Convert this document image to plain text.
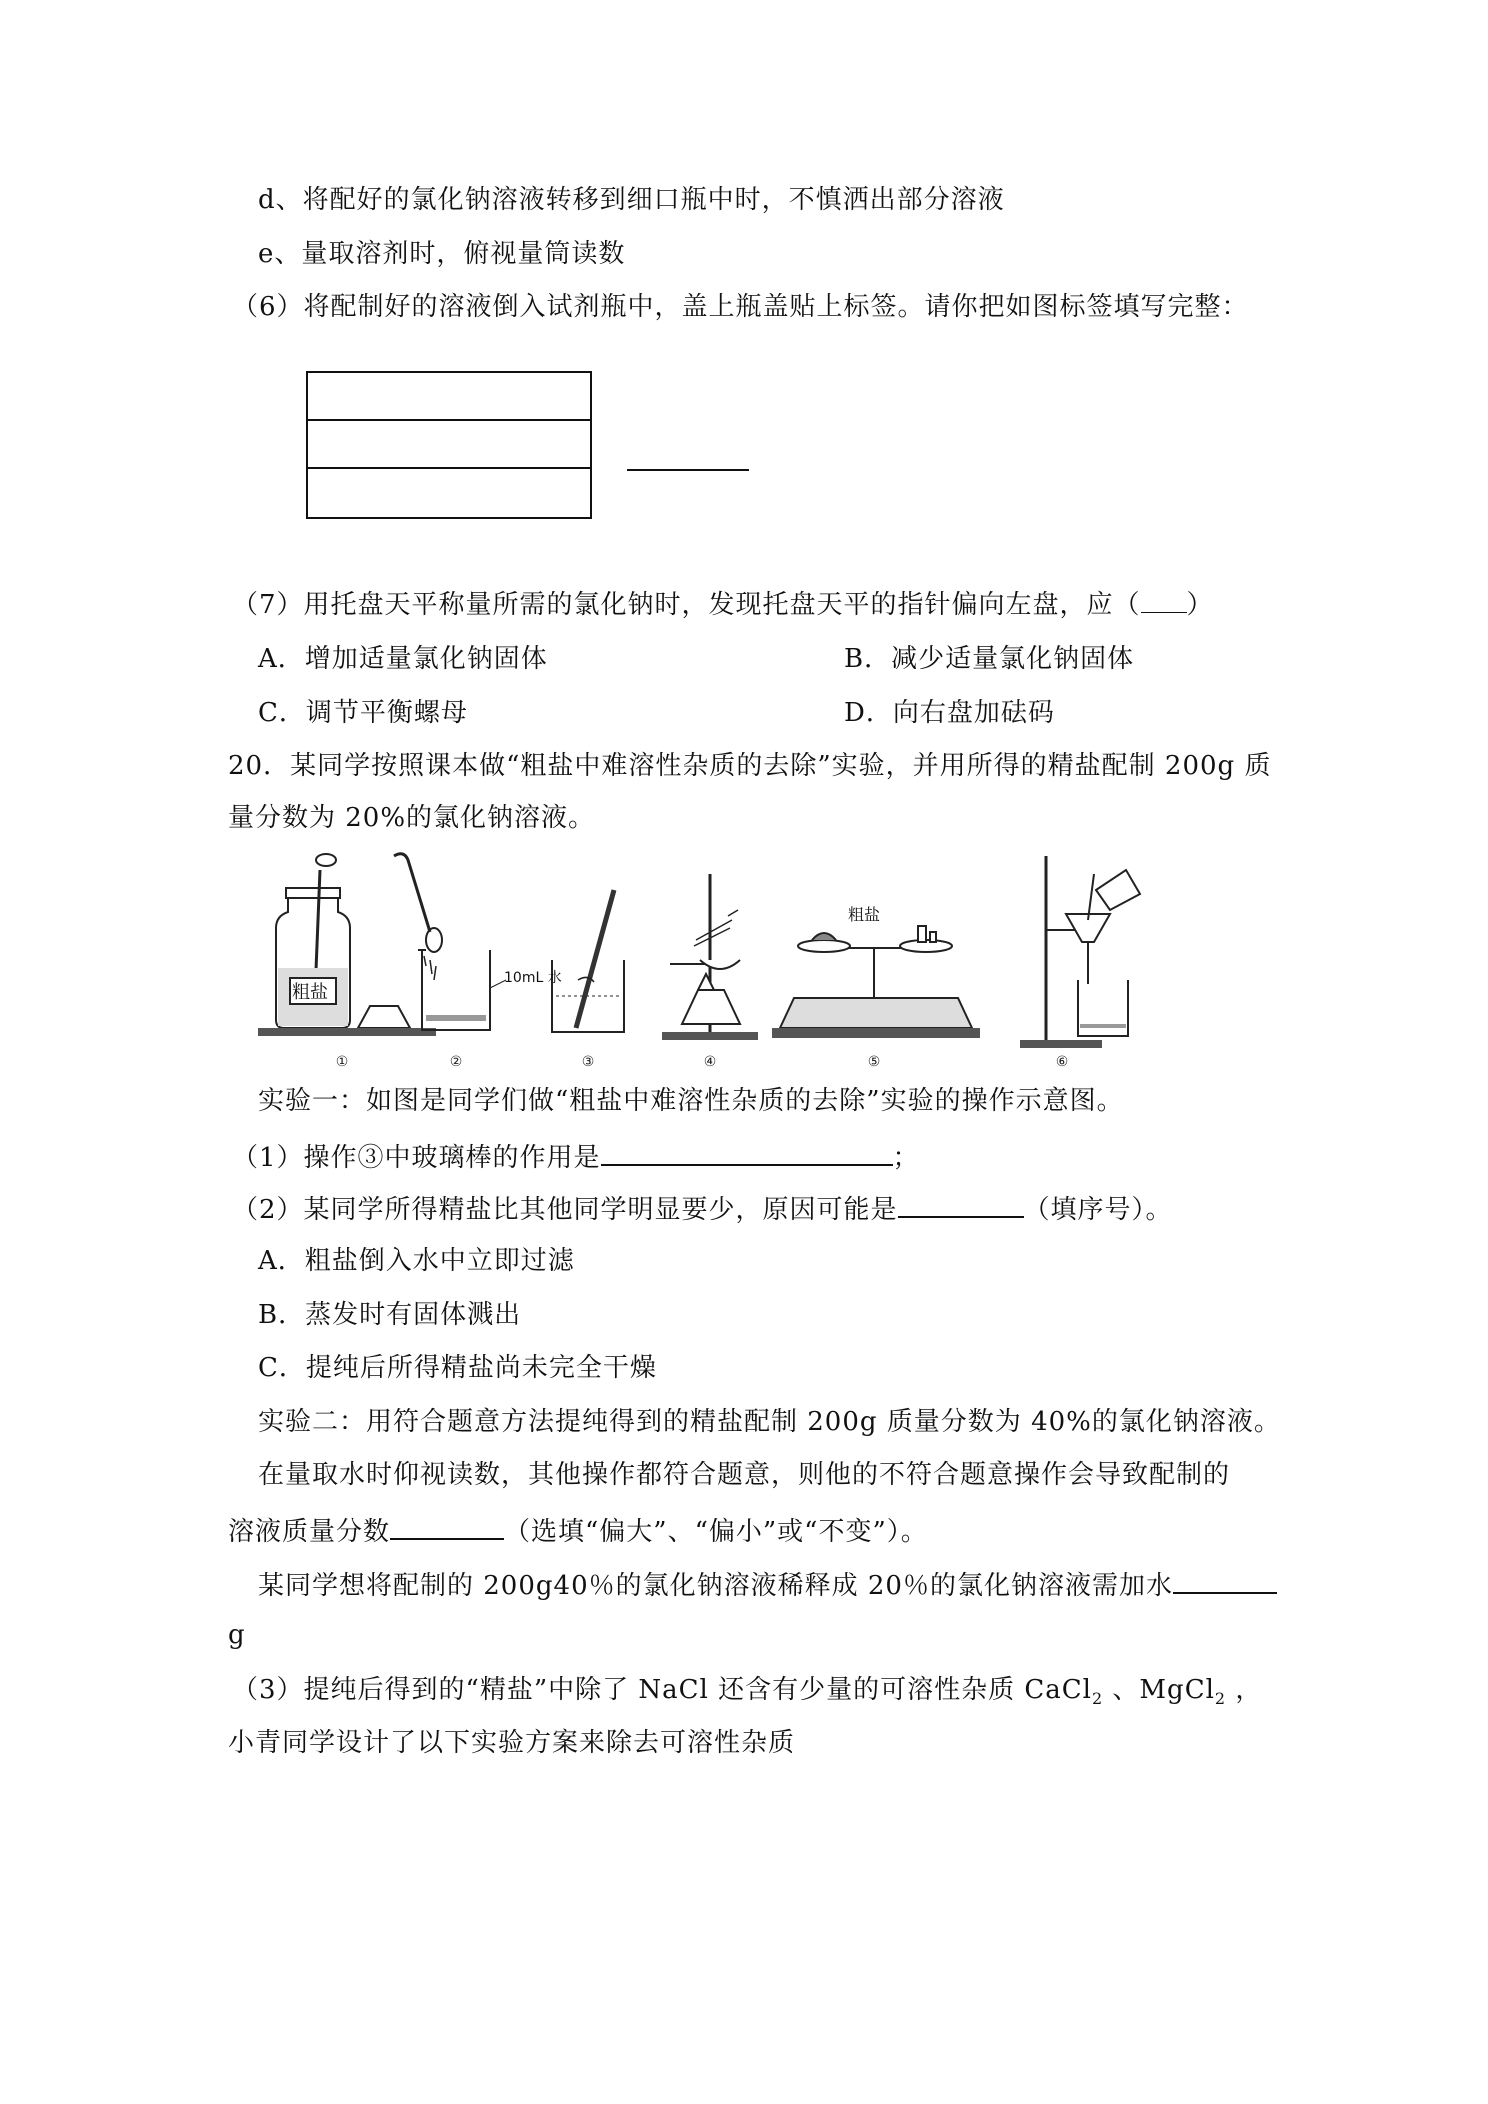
d、将配好的氯化钠溶液转移到细口瓶中时，不慎洒出部分溶液
e、量取溶剂时，俯视量筒读数
（6）将配制好的溶液倒入试剂瓶中，盖上瓶盖贴上标签。请你把如图标签填写完整：
（7）用托盘天平称量所需的氯化钠时，发现托盘天平的指针偏向左盘，应（ ）
A．增加适量氯化钠固体	B．减少适量氯化钠固体
C．调节平衡螺母	D．向右盘加砝码
20．某同学按照课本做“粗盐中难溶性杂质的去除”实验，并用所得的精盐配制 200g 质
量分数为 20%的氯化钠溶液。
粗盐
10mL 水
粗盐
①	②	③	④	⑤	⑥
实验一：如图是同学们做“粗盐中难溶性杂质的去除”实验的操作示意图。
（1）操作③中玻璃棒的作用是	；
（2）某同学所得精盐比其他同学明显要少，原因可能是	（填序号）。
A．粗盐倒入水中立即过滤
B．蒸发时有固体溅出
C．提纯后所得精盐尚未完全干燥
实验二：用符合题意方法提纯得到的精盐配制 200g 质量分数为 40%的氯化钠溶液。
在量取水时仰视读数，其他操作都符合题意，则他的不符合题意操作会导致配制的
溶液质量分数	（选填“偏大”、“偏小”或“不变”）。
某同学想将配制的 200g40％的氯化钠溶液稀释成 20％的氯化钠溶液需加水
g
（3）提纯后得到的“精盐”中除了 NaCl 还含有少量的可溶性杂质 CaCl$_2$ 、MgCl$_2$ ，
小青同学设计了以下实验方案来除去可溶性杂质
